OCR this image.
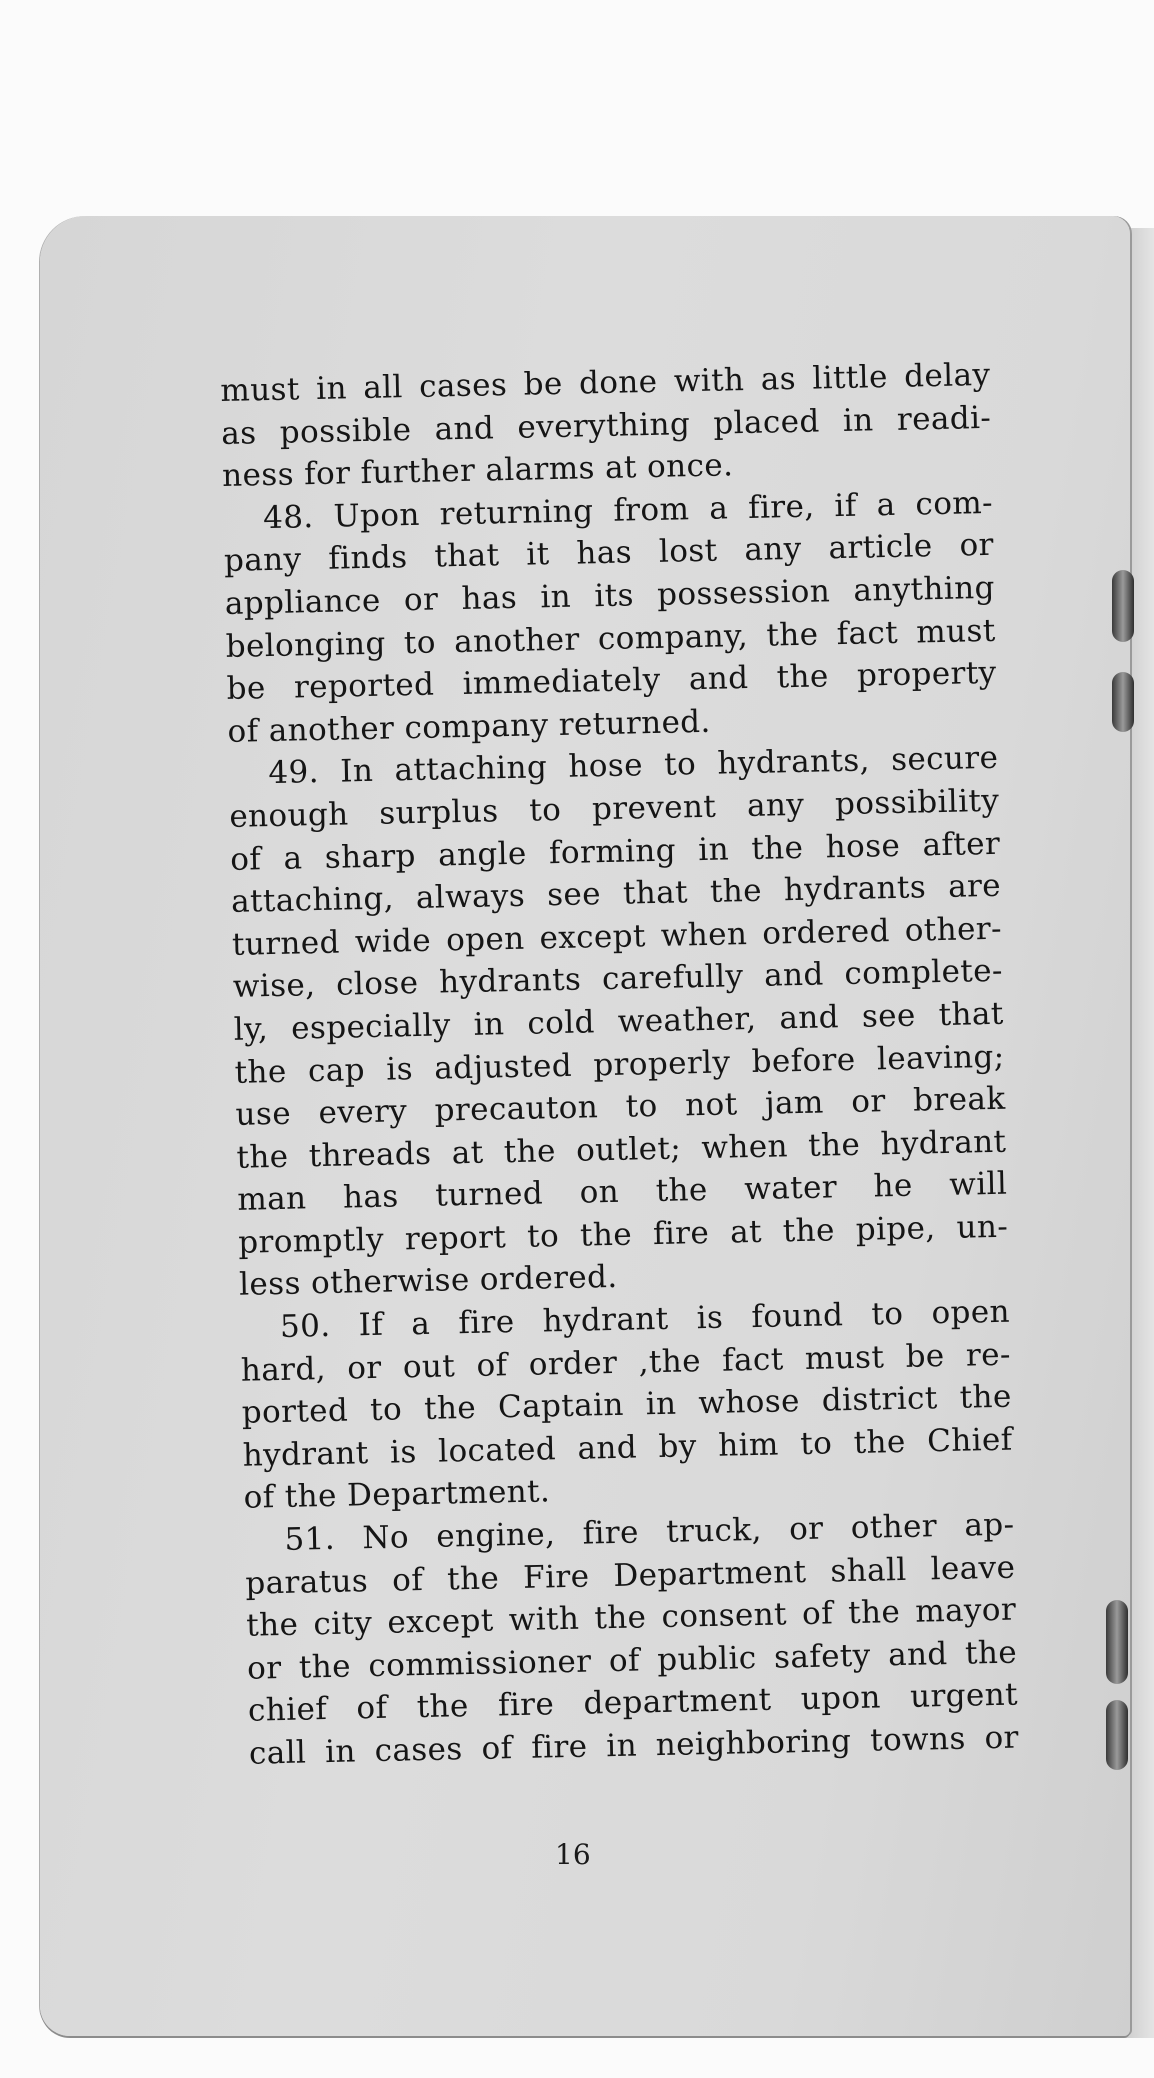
must in all cases be done with as little delay
as possible and everything placed in readi-
ness for further alarms at once.

48. Upon returning from a fire, if a com-
pany finds that it has lost any article or
appliance or has in its possession anything
belonging to another company, the fact must
be reported immediately and the property
of another company returned.

49. In attaching hose to hydrants, secure
enough surplus to prevent any possibility
of a sharp angle forming in the hose after
attaching, always see that the hydrants are
turned wide open except when ordered other-
wise, close hydrants carefully and complete-
ly, especially in cold weather, and see that
the cap is adjusted properly before leaving;
use every precauton to not jam or break
the threads at the outlet; when the hydrant
man has turned on the water he will
promptly report to the fire at the pipe, un-
less otherwise ordered.

50. If a fire hydrant is found to open
hard, or out of order ,the fact must be re-
ported to the Captain in whose district the
hydrant is located and by him to the Chief
of the Department.

51. No engine, fire truck, or other ap-
paratus of the Fire Department shall leave
the city except with the consent of the mayor
or the commissioner of public safety and the
chief of the fire department upon urgent
call in cases of fire in neighboring towns or

16
